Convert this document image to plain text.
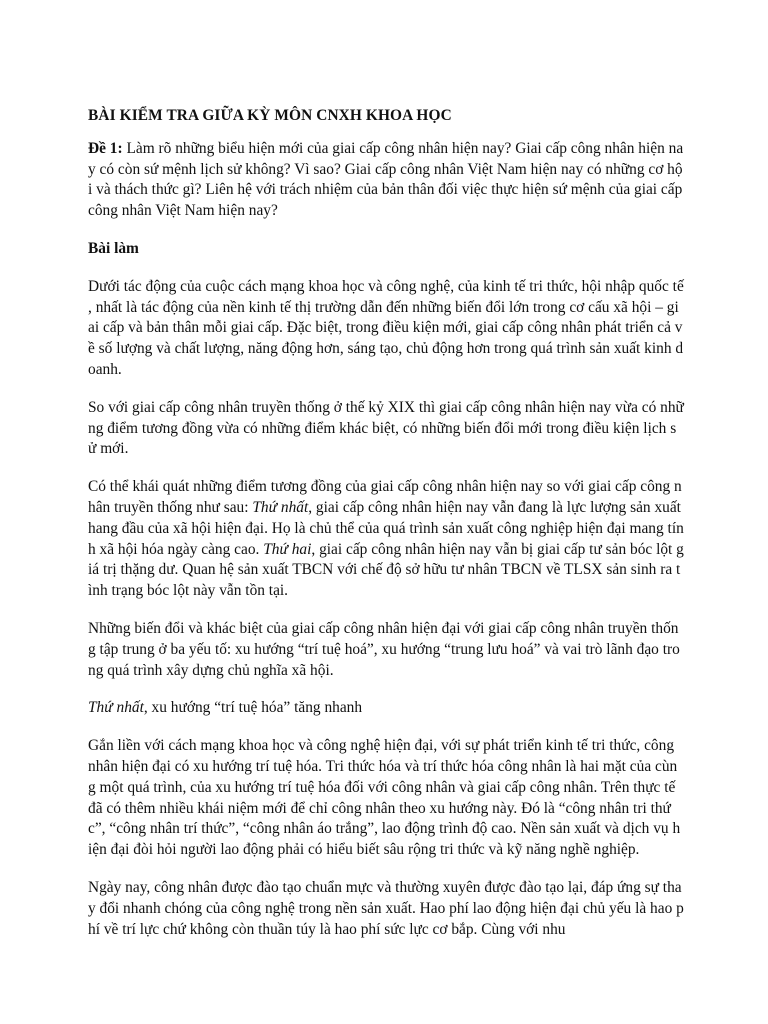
BÀI KIỂM TRA GIỮA KỲ MÔN CNXH KHOA HỌC

Đề 1: Làm rõ những biểu hiện mới của giai cấp công nhân hiện nay? Giai cấp công nhân hiện nay có còn sứ mệnh lịch sử không? Vì sao? Giai cấp công nhân Việt Nam hiện nay có những cơ hội và thách thức gì? Liên hệ với trách nhiệm của bản thân đối việc thực hiện sứ mệnh của giai cấp công nhân Việt Nam hiện nay?

Bài làm

Dưới tác động của cuộc cách mạng khoa học và công nghệ, của kinh tế tri thức, hội nhập quốc tế , nhất là tác động của nền kinh tế thị trường dẫn đến những biến đổi lớn trong cơ cấu xã hội – giai cấp và bản thân mỗi giai cấp. Đặc biệt, trong điều kiện mới, giai cấp công nhân phát triển cả về số lượng và chất lượng, năng động hơn, sáng tạo, chủ động hơn trong quá trình sản xuất kinh doanh.

So với giai cấp công nhân truyền thống ở thế kỷ XIX thì giai cấp công nhân hiện nay vừa có những điểm tương đồng vừa có những điểm khác biệt, có những biến đổi mới trong điều kiện lịch sử mới.

Có thể khái quát những điểm tương đồng của giai cấp công nhân hiện nay so với giai cấp công nhân truyền thống như sau: Thứ nhất, giai cấp công nhân hiện nay vẫn đang là lực lượng sản xuất hang đầu của xã hội hiện đại. Họ là chủ thể của quá trình sản xuất công nghiệp hiện đại mang tính xã hội hóa ngày càng cao. Thứ hai, giai cấp công nhân hiện nay vẫn bị giai cấp tư sản bóc lột giá trị thặng dư. Quan hệ sản xuất TBCN với chế độ sở hữu tư nhân TBCN về TLSX sản sinh ra tình trạng bóc lột này vẫn tồn tại.

Những biến đổi và khác biệt của giai cấp công nhân hiện đại với giai cấp công nhân truyền thống tập trung ở ba yếu tố: xu hướng “trí tuệ hoá”, xu hướng “trung lưu hoá” và vai trò lãnh đạo trong quá trình xây dựng chủ nghĩa xã hội.

Thứ nhất, xu hướng “trí tuệ hóa” tăng nhanh

Gắn liền với cách mạng khoa học và công nghệ hiện đại, với sự phát triển kinh tế tri thức, công nhân hiện đại có xu hướng trí tuệ hóa. Tri thức hóa và trí thức hóa công nhân là hai mặt của cùng một quá trình, của xu hướng trí tuệ hóa đối với công nhân và giai cấp công nhân. Trên thực tế đã có thêm nhiều khái niệm mới để chỉ công nhân theo xu hướng này. Đó là “công nhân tri thức”, “công nhân trí thức”, “công nhân áo trắng”, lao động trình độ cao. Nền sản xuất và dịch vụ hiện đại đòi hỏi người lao động phải có hiểu biết sâu rộng tri thức và kỹ năng nghề nghiệp.

Ngày nay, công nhân được đào tạo chuẩn mực và thường xuyên được đào tạo lại, đáp ứng sự thay đổi nhanh chóng của công nghệ trong nền sản xuất. Hao phí lao động hiện đại chủ yếu là hao phí về trí lực chứ không còn thuần túy là hao phí sức lực cơ bắp. Cùng với nhu
